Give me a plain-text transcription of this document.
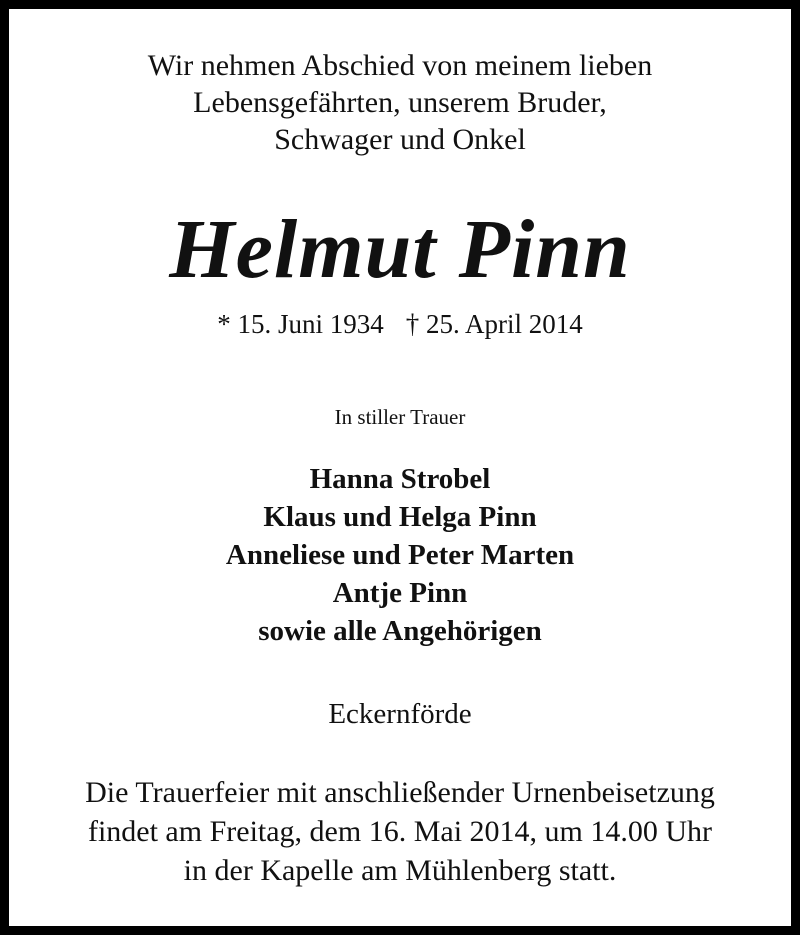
Wir nehmen Abschied von meinem lieben
Lebensgefährten, unserem Bruder,
Schwager und Onkel
Helmut Pinn
* 15. Juni 1934 † 25. April 2014
In stiller Trauer
Hanna Strobel
Klaus und Helga Pinn
Anneliese und Peter Marten
Antje Pinn
sowie alle Angehörigen
Eckernförde
Die Trauerfeier mit anschließender Urnenbeisetzung
findet am Freitag, dem 16. Mai 2014, um 14.00 Uhr
in der Kapelle am Mühlenberg statt.
